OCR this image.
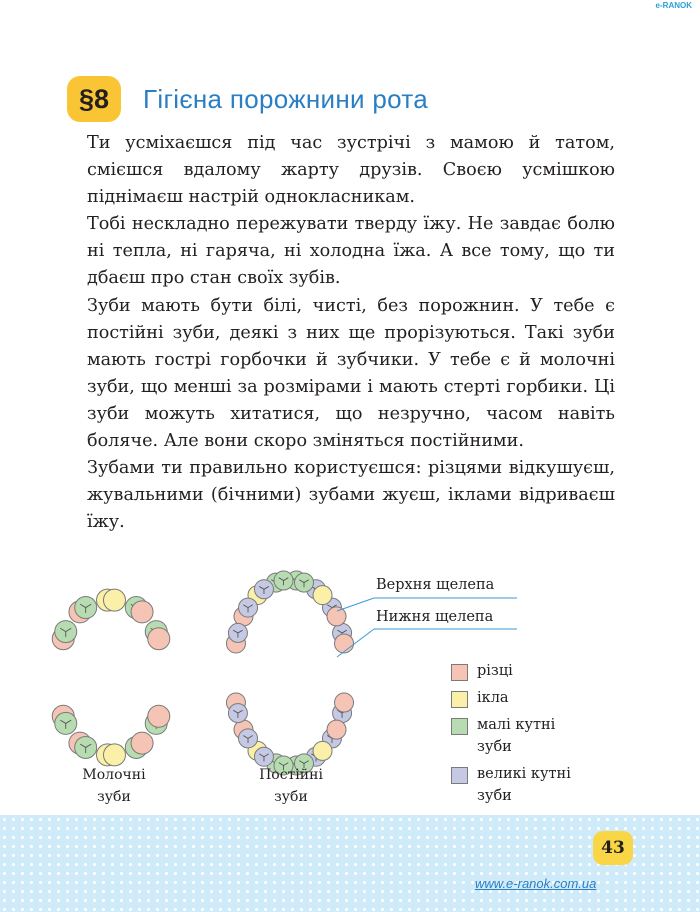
e-RANOK
§8 Гігієна порожнини рота

Ти усміхаєшся під час зустрічі з мамою й татом, смієшся вдалому жарту друзів. Своєю усмішкою піднімаєш настрій однокласникам.

Тобі нескладно пережувати тверду їжу. Не завдає болю ні тепла, ні гаряча, ні холодна їжа. А все тому, що ти дбаєш про стан своїх зубів.

Зуби мають бути білі, чисті, без порожнин. У тебе є постійні зуби, деякі з них ще прорізуються. Такі зуби мають гострі горбочки й зубчики. У тебе є й молочні зуби, що менші за розмірами і мають стерті горбики. Ці зуби можуть хитатися, що незручно, часом навіть боляче. Але вони скоро зміняться постійними.

Зубами ти правильно користуєшся: різцями відкушуєш, жувальними (бічними) зубами жуєш, іклами відриваєш їжу.

Верхня щелепа
Нижня щелепа
Молочні
зуби
Постійні
зуби
різці
ікла
малі кутні зуби
великі кутні зуби
43
www.e-ranok.com.ua
